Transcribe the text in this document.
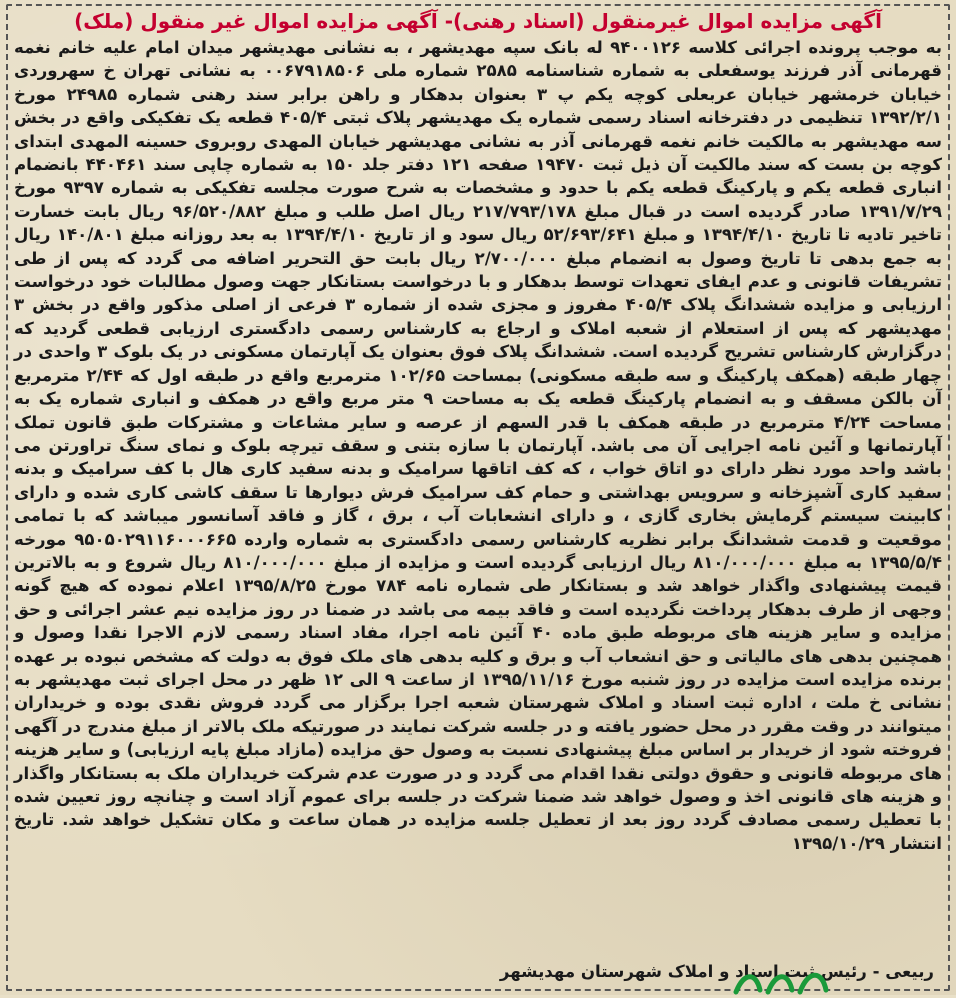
آگهی مزایده اموال غیرمنقول (اسناد رهنی)- آگهی مزایده اموال غیر منقول (ملک)
به موجب پرونده اجرائی کلاسه ۹۴۰۰۱۲۶ له بانک سپه مهدیشهر ، به نشانی مهدیشهر میدان امام علیه خانم نغمه قهرمانی آذر فرزند یوسفعلی به شماره شناسنامه ۲۵۸۵ شماره ملی ۰۰۶۷۹۱۸۵۰۶ به نشانی تهران خ سهروردی خیابان خرمشهر خیابان عربعلی کوچه یکم پ ۳ بعنوان بدهکار و راهن برابر سند رهنی شماره ۲۴۹۸۵ مورخ ۱۳۹۲/۲/۱ تنظیمی در دفترخانه اسناد رسمی شماره یک مهدیشهر پلاک ثبتی ۴۰۵/۴ قطعه یک تفکیکی واقع در بخش سه مهدیشهر به مالکیت خانم نغمه قهرمانی آذر به نشانی مهدیشهر خیابان المهدی روبروی حسینه المهدی ابتدای کوچه بن بست که سند مالکیت آن ذیل ثبت ۱۹۴۷۰ صفحه ۱۲۱ دفتر جلد ۱۵۰ به شماره چاپی سند ۴۴۰۴۶۱ بانضمام انباری قطعه یکم و پارکینگ قطعه یکم با حدود و مشخصات به شرح صورت مجلسه تفکیکی به شماره ۹۳۹۷ مورخ ۱۳۹۱/۷/۲۹ صادر گردیده است در قبال مبلغ ۲۱۷/۷۹۳/۱۷۸ ریال اصل طلب و مبلغ ۹۶/۵۲۰/۸۸۲ ریال بابت خسارت تاخیر تادیه تا تاریخ ۱۳۹۴/۴/۱۰ و مبلغ ۵۲/۶۹۳/۶۴۱ ریال سود و از تاریخ ۱۳۹۴/۴/۱۰ به بعد روزانه مبلغ ۱۴۰/۸۰۱ ریال به جمع بدهی تا تاریخ وصول به انضمام مبلغ ۲/۷۰۰/۰۰۰ ریال بابت حق التحریر اضافه می گردد که پس از طی تشریفات قانونی و عدم ایفای تعهدات توسط بدهکار و با درخواست بستانکار جهت وصول مطالبات خود درخواست ارزیابی و مزایده ششدانگ پلاک ۴۰۵/۴ مفروز و مجزی شده از شماره ۳ فرعی از اصلی مذکور واقع در بخش ۳ مهدیشهر که پس از استعلام از شعبه املاک و ارجاع به کارشناس رسمی دادگستری ارزیابی قطعی گردید که درگزارش کارشناس تشریح گردیده است. ششدانگ پلاک فوق بعنوان یک آپارتمان مسکونی در یک بلوک ۳ واحدی در چهار طبقه (همکف پارکینگ و سه طبقه مسکونی) بمساحت ۱۰۲/۶۵ مترمربع واقع در طبقه اول که ۲/۴۴ مترمربع آن بالکن مسقف و به انضمام پارکینگ قطعه یک به مساحت ۹ متر مربع واقع در همکف و انباری شماره یک به مساحت ۴/۲۴ مترمربع در طبقه همکف با قدر السهم از عرصه و سایر مشاعات و مشترکات طبق قانون تملک آپارتمانها و آئین نامه اجرایی آن می باشد. آپارتمان با سازه بتنی و سقف تیرچه بلوک و نمای سنگ تراورتن می باشد واحد مورد نظر دارای دو اتاق خواب ، که کف اتاقها سرامیک و بدنه سفید کاری هال با کف سرامیک و بدنه سفید کاری آشپزخانه و سرویس بهداشتی و حمام کف سرامیک فرش دیوارها تا سقف کاشی کاری شده و دارای کابینت سیستم گرمایش بخاری گازی ، و دارای انشعابات آب ، برق ، گاز و فاقد آسانسور میباشد که با تمامی موقعیت و قدمت ششدانگ برابر نظریه کارشناس رسمی دادگستری به شماره وارده ۹۵۰۵۰۲۹۱۱۶۰۰۰۶۶۵ مورخه ۱۳۹۵/۵/۴ به مبلغ ۸۱۰/۰۰۰/۰۰۰ ریال ارزیابی گردیده است و مزایده از مبلغ ۸۱۰/۰۰۰/۰۰۰ ریال شروع و به بالاترین قیمت پیشنهادی واگذار خواهد شد و بستانکار طی شماره نامه ۷۸۴ مورخ ۱۳۹۵/۸/۲۵ اعلام نموده که هیچ گونه وجهی از طرف بدهکار پرداخت نگردیده است و فاقد بیمه می باشد در ضمنا در روز مزایده نیم عشر اجرائی و حق مزایده و سایر هزینه های مربوطه طبق ماده ۴۰ آئین نامه اجرا، مفاد اسناد رسمی لازم الاجرا نقدا وصول و همچنین بدهی های مالیاتی و حق انشعاب آب و برق و کلیه بدهی های ملک فوق به دولت که مشخص نبوده بر عهده برنده مزایده است مزایده در روز شنبه مورخ ۱۳۹۵/۱۱/۱۶ از ساعت ۹ الی ۱۲ ظهر در محل اجرای ثبت مهدیشهر به نشانی خ ملت ، اداره ثبت اسناد و املاک شهرستان شعبه اجرا برگزار می گردد فروش نقدی بوده و خریداران میتوانند در وقت مقرر در محل حضور یافته و در جلسه شرکت نمایند در صورتیکه ملک بالاتر از مبلغ مندرج در آگهی فروخته شود از خریدار بر اساس مبلغ پیشنهادی نسبت به وصول حق مزایده (مازاد مبلغ پایه ارزیابی) و سایر هزینه های مربوطه قانونی و حقوق دولتی نقدا اقدام می گردد و در صورت عدم شرکت خریداران ملک به بستانکار واگذار و هزینه های قانونی اخذ و وصول خواهد شد ضمنا شرکت در جلسه برای عموم آزاد است و چنانچه روز تعیین شده با تعطیل رسمی مصادف گردد روز بعد از تعطیل جلسه مزایده در همان ساعت و مکان تشکیل خواهد شد. تاریخ انتشار ۱۳۹۵/۱۰/۲۹
ربیعی - رئیس ثبت اسناد و املاک شهرستان مهدیشهر
